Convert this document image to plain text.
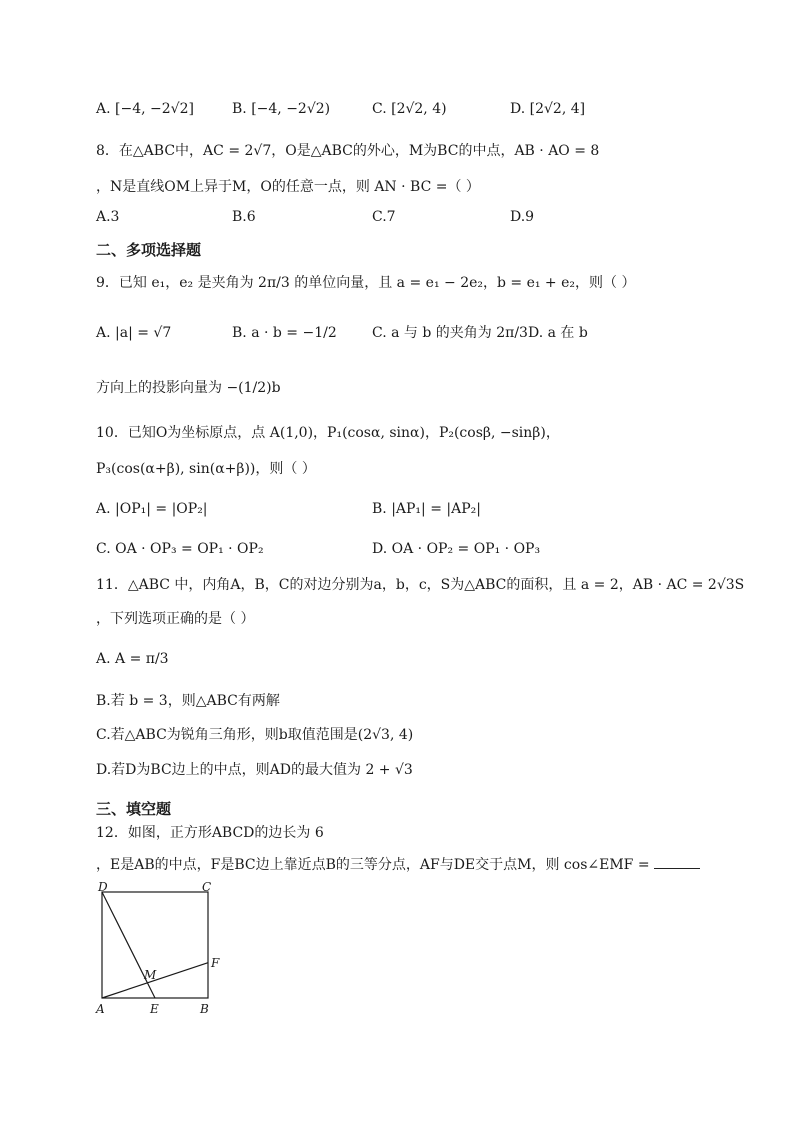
A. [−4, −2√2]	B. [−4, −2√2)	C. [2√2, 4)	D. [2√2, 4]
8．在△ABC中，AC = 2√7，O是△ABC的外心，M为BC的中点，AB · AO = 8
，N是直线OM上异于M，O的任意一点，则 AN · BC =（ ）
A.3	B.6	C.7	D.9
二、多项选择题
9．已知 e₁，e₂ 是夹角为 2π/3 的单位向量，且 a = e₁ − 2e₂，b = e₁ + e₂，则（ ）
A. |a| = √7	B. a · b = −1/2	C. a 与 b 的夹角为 2π/3 D. a 在 b
方向上的投影向量为 −(1/2)b
10．已知O为坐标原点，点 A(1,0)，P₁(cosα, sinα)，P₂(cosβ, −sinβ)，
P₃(cos(α+β), sin(α+β))，则（ ）
A. |OP₁| = |OP₂|	B. |AP₁| = |AP₂|
C. OA · OP₃ = OP₁ · OP₂	D. OA · OP₂ = OP₁ · OP₃
11．△ABC 中，内角A，B，C的对边分别为a，b，c，S为△ABC的面积，且 a = 2，AB · AC = 2√3S
，下列选项正确的是（ ）
A. A = π/3
B.若 b = 3，则△ABC有两解
C.若△ABC为锐角三角形，则b取值范围是(2√3, 4)
D.若D为BC边上的中点，则AD的最大值为 2 + √3
三、填空题
12．如图，正方形ABCD的边长为 6
，E是AB的中点，F是BC边上靠近点B的三等分点，AF与DE交于点M，则 cos∠EMF =
D	C
F
M
A	E	B
